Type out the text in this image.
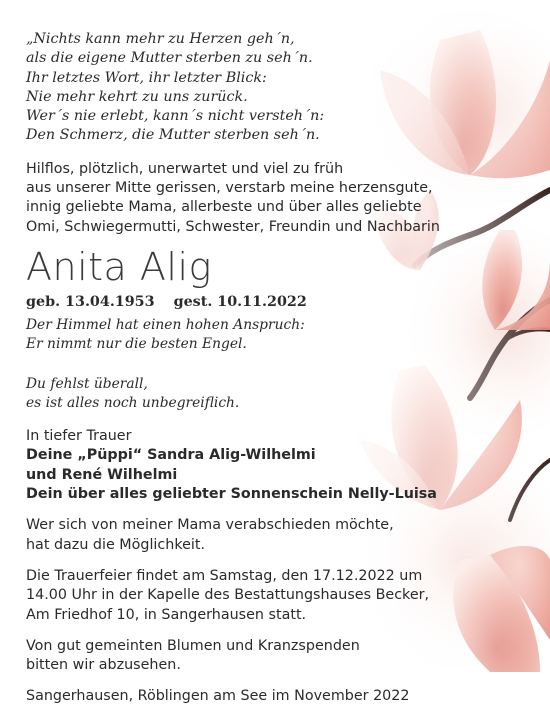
„Nichts kann mehr zu Herzen geh´n,
als die eigene Mutter sterben zu seh´n.
Ihr letztes Wort, ihr letzter Blick:
Nie mehr kehrt zu uns zurück.
Wer´s nie erlebt, kann´s nicht versteh´n:
Den Schmerz, die Mutter sterben seh´n.
Hilflos, plötzlich, unerwartet und viel zu früh
aus unserer Mitte gerissen, verstarb meine herzensgute,
innig geliebte Mama, allerbeste und über alles geliebte
Omi, Schwiegermutti, Schwester, Freundin und Nachbarin
Anita Alig
geb. 13.04.1953 gest. 10.11.2022
Der Himmel hat einen hohen Anspruch:
Er nimmt nur die besten Engel.
Du fehlst überall,
es ist alles noch unbegreiflich.
In tiefer Trauer
Deine „Püppi“ Sandra Alig-Wilhelmi
und René Wilhelmi
Dein über alles geliebter Sonnenschein Nelly-Luisa
Wer sich von meiner Mama verabschieden möchte,
hat dazu die Möglichkeit.
Die Trauerfeier findet am Samstag, den 17.12.2022 um
14.00 Uhr in der Kapelle des Bestattungshauses Becker,
Am Friedhof 10, in Sangerhausen statt.
Von gut gemeinten Blumen und Kranzspenden
bitten wir abzusehen.
Sangerhausen, Röblingen am See im November 2022
